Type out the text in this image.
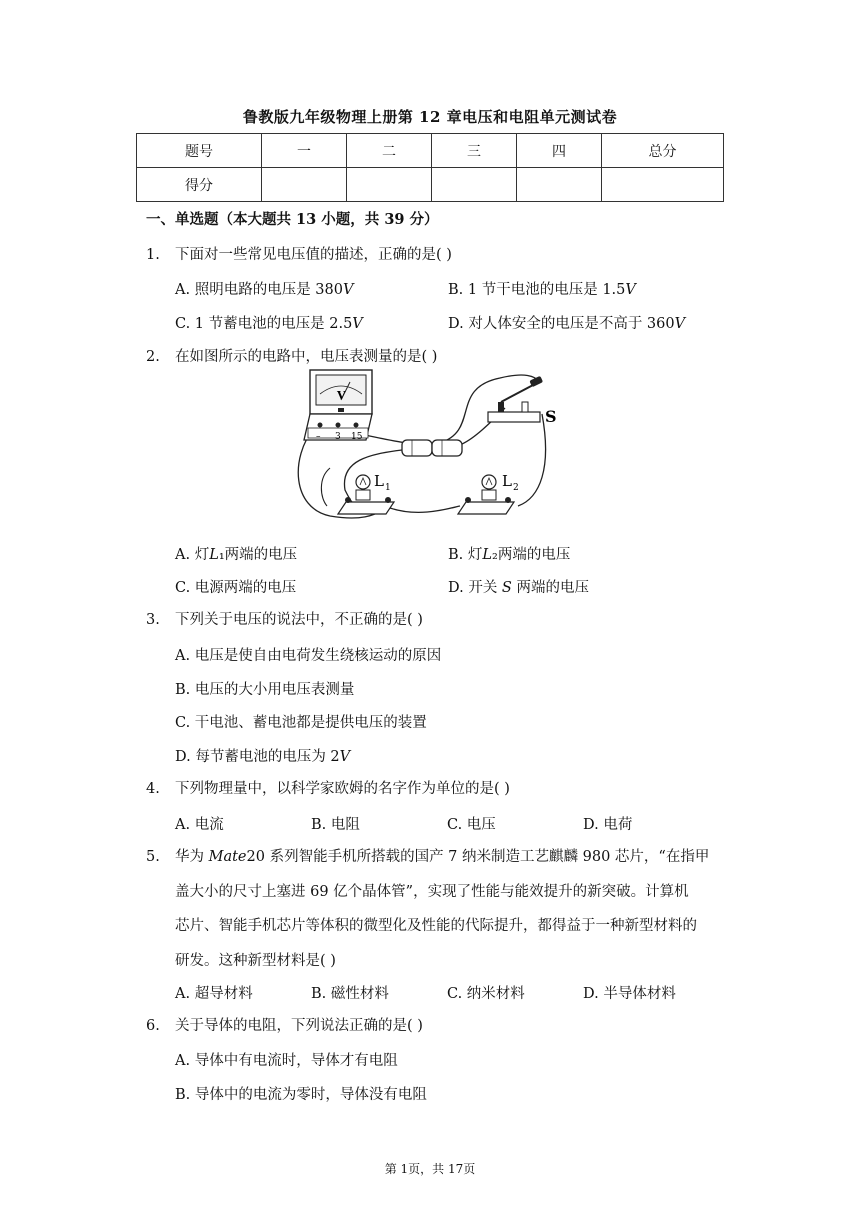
鲁教版九年级物理上册第 12 章电压和电阻单元测试卷
题号	一	二	三	四	总分
得分					
一、单选题（本大题共 13 小题，共 39 分）
1. 下面对一些常见电压值的描述，正确的是( )
A. 照明电路的电压是 380𝑉	B. 1 节干电池的电压是 1.5𝑉
C. 1 节蓄电池的电压是 2.5𝑉	D. 对人体安全的电压是不高于 360𝑉
2. 在如图所示的电路中，电压表测量的是( )
V
– 3 15
S
L 1	L 2
A. 灯𝐿₁两端的电压	B. 灯𝐿₂两端的电压
C. 电源两端的电压	D. 开关 𝑆 两端的电压
3. 下列关于电压的说法中，不正确的是( )
A. 电压是使自由电荷发生绕核运动的原因
B. 电压的大小用电压表测量
C. 干电池、蓄电池都是提供电压的装置
D. 每节蓄电池的电压为 2𝑉
4. 下列物理量中，以科学家欧姆的名字作为单位的是( )
A. 电流	B. 电阻	C. 电压	D. 电荷
5. 华为 𝑀𝑎𝑡𝑒20 系列智能手机所搭载的国产 7 纳米制造工艺麒麟 980 芯片，“在指甲
盖大小的尺寸上塞进 69 亿个晶体管”，实现了性能与能效提升的新突破。计算机
芯片、智能手机芯片等体积的微型化及性能的代际提升，都得益于一种新型材料的
研发。这种新型材料是( )
A. 超导材料	B. 磁性材料	C. 纳米材料	D. 半导体材料
6. 关于导体的电阻，下列说法正确的是( )
A. 导体中有电流时，导体才有电阻
B. 导体中的电流为零时，导体没有电阻
第 1页，共 17页
